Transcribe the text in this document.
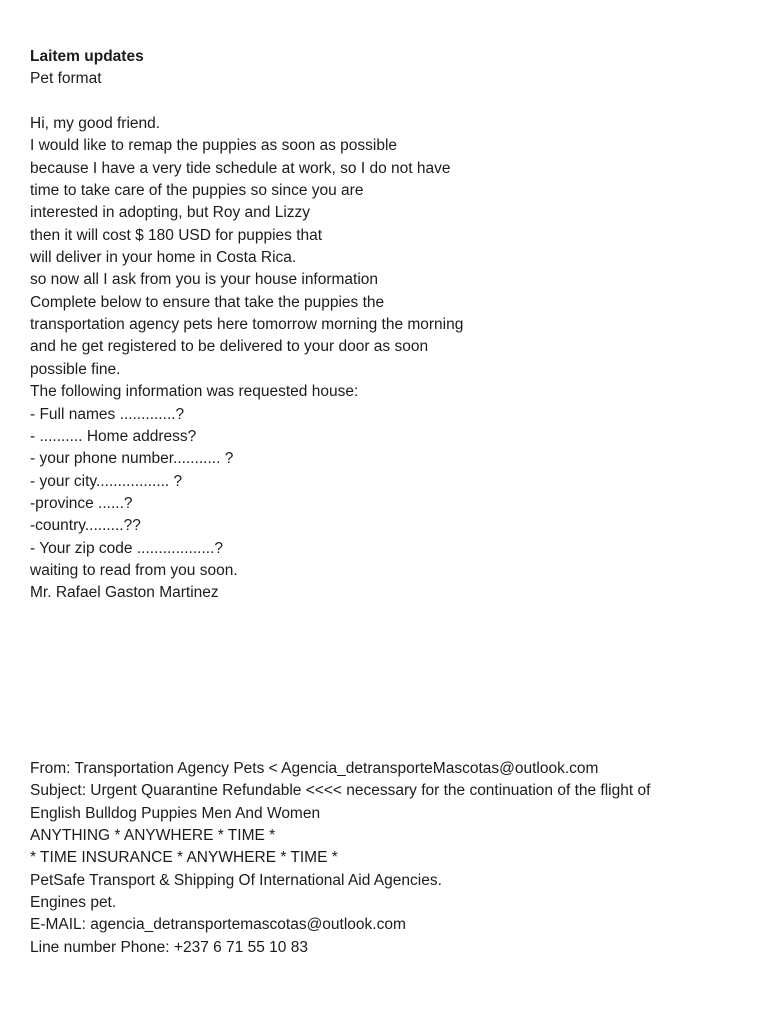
Laitem updates
Pet format
Hi, my good friend.
I would like to remap the puppies as soon as possible
because I have a very tide schedule at work, so I do not have
time to take care of the puppies so since you are
interested in adopting, but Roy and Lizzy
then it will cost $ 180 USD for puppies that
will deliver in your home in Costa Rica.
so now all I ask from you is your house information
Complete below to ensure that take the puppies the
transportation agency pets here tomorrow morning the morning
and he get registered to be delivered to your door as soon
possible fine.
The following information was requested house:
- Full names .............?
- .......... Home address?
- your phone number........... ?
- your city................. ?
-province ......?
-country.........??
- Your zip code ..................?
waiting to read from you soon.
Mr. Rafael Gaston Martinez
From: Transportation Agency Pets < Agencia_detransporteMascotas@outlook.com
Subject: Urgent Quarantine Refundable <<<< necessary for the continuation of the flight of
English Bulldog Puppies Men And Women
ANYTHING * ANYWHERE * TIME *
* TIME INSURANCE * ANYWHERE * TIME *
PetSafe Transport & Shipping Of International Aid Agencies.
Engines pet.
E-MAIL: agencia_detransportemascotas@outlook.com
Line number Phone: +237 6 71 55 10 83
